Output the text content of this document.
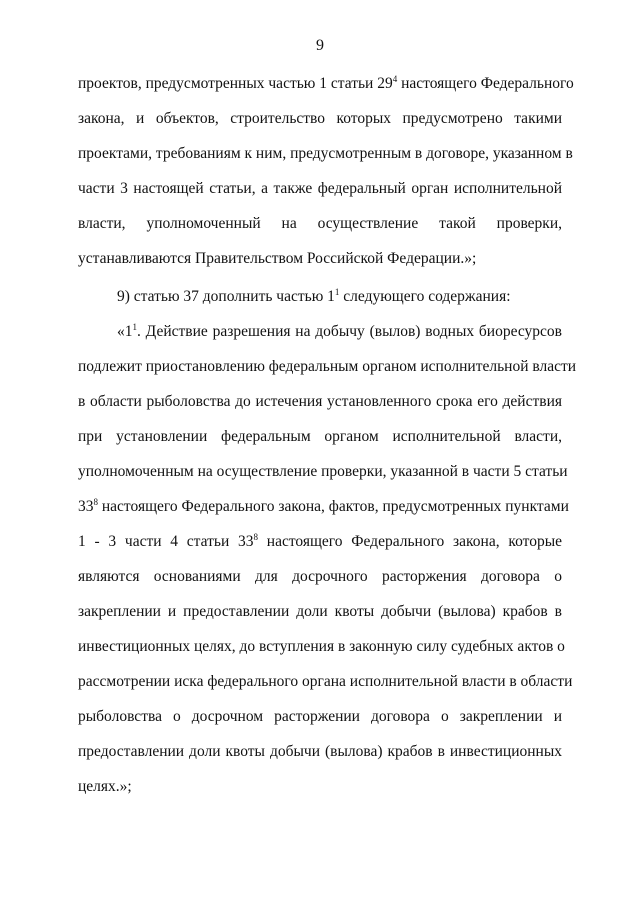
9
проектов, предусмотренных частью 1 статьи $29^4$ настоящего Федерального
закона, и объектов, строительство которых предусмотрено такими
проектами, требованиям к ним, предусмотренным в договоре, указанном в
части 3 настоящей статьи, а также федеральный орган исполнительной
власти, уполномоченный на осуществление такой проверки,
устанавливаются Правительством Российской Федерации.»;
9) статью 37 дополнить частью $1^1$ следующего содержания:
«$1^1$. Действие разрешения на добычу (вылов) водных биоресурсов
подлежит приостановлению федеральным органом исполнительной власти
в области рыболовства до истечения установленного срока его действия
при установлении федеральным органом исполнительной власти,
уполномоченным на осуществление проверки, указанной в части 5 статьи
$33^8$ настоящего Федерального закона, фактов, предусмотренных пунктами
1 - 3 части 4 статьи $33^8$ настоящего Федерального закона, которые
являются основаниями для досрочного расторжения договора о
закреплении и предоставлении доли квоты добычи (вылова) крабов в
инвестиционных целях, до вступления в законную силу судебных актов о
рассмотрении иска федерального органа исполнительной власти в области
рыболовства о досрочном расторжении договора о закреплении и
предоставлении доли квоты добычи (вылова) крабов в инвестиционных
целях.»;
